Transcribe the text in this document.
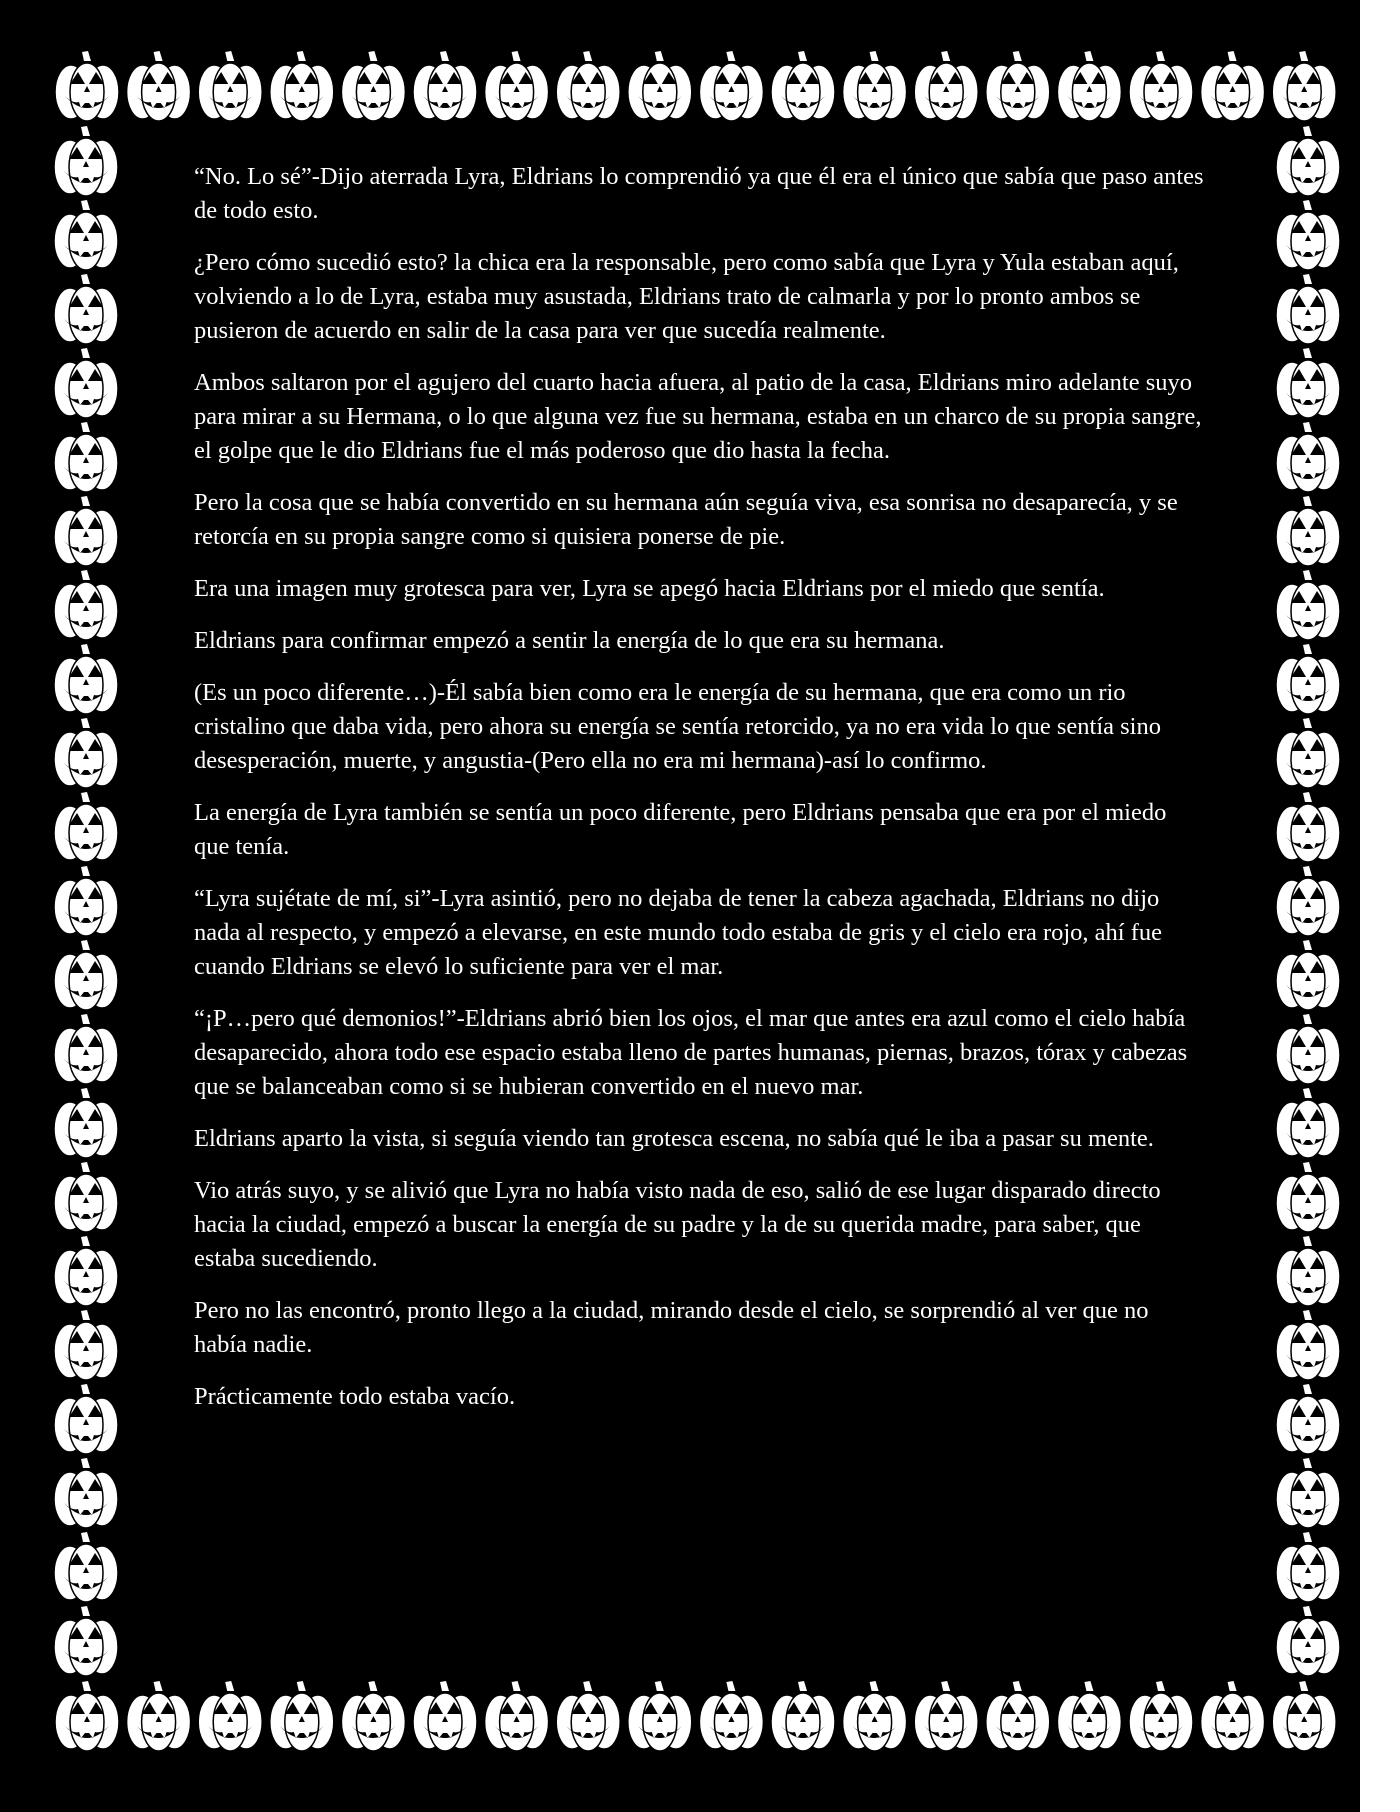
“No. Lo sé”-Dijo aterrada Lyra, Eldrians lo comprendió ya que él era el único que sabía que paso antes de todo esto.

¿Pero cómo sucedió esto? la chica era la responsable, pero como sabía que Lyra y Yula estaban aquí, volviendo a lo de Lyra, estaba muy asustada, Eldrians trato de calmarla y por lo pronto ambos se pusieron de acuerdo en salir de la casa para ver que sucedía realmente.

Ambos saltaron por el agujero del cuarto hacia afuera, al patio de la casa, Eldrians miro adelante suyo para mirar a su Hermana, o lo que alguna vez fue su hermana, estaba en un charco de su propia sangre, el golpe que le dio Eldrians fue el más poderoso que dio hasta la fecha.

Pero la cosa que se había convertido en su hermana aún seguía viva, esa sonrisa no desaparecía, y se retorcía en su propia sangre como si quisiera ponerse de pie.

Era una imagen muy grotesca para ver, Lyra se apegó hacia Eldrians por el miedo que sentía.

Eldrians para confirmar empezó a sentir la energía de lo que era su hermana.

(Es un poco diferente…)-Él sabía bien como era le energía de su hermana, que era como un rio cristalino que daba vida, pero ahora su energía se sentía retorcido, ya no era vida lo que sentía sino desesperación, muerte, y angustia-(Pero ella no era mi hermana)-así lo confirmo.

La energía de Lyra también se sentía un poco diferente, pero Eldrians pensaba que era por el miedo que tenía.

“Lyra sujétate de mí, si”-Lyra asintió, pero no dejaba de tener la cabeza agachada, Eldrians no dijo nada al respecto, y empezó a elevarse, en este mundo todo estaba de gris y el cielo era rojo, ahí fue cuando Eldrians se elevó lo suficiente para ver el mar.

“¡P…pero qué demonios!”-Eldrians abrió bien los ojos, el mar que antes era azul como el cielo había desaparecido, ahora todo ese espacio estaba lleno de partes humanas, piernas, brazos, tórax y cabezas que se balanceaban como si se hubieran convertido en el nuevo mar.

Eldrians aparto la vista, si seguía viendo tan grotesca escena, no sabía qué le iba a pasar su mente.

Vio atrás suyo, y se alivió que Lyra no había visto nada de eso, salió de ese lugar disparado directo hacia la ciudad, empezó a buscar la energía de su padre y la de su querida madre, para saber, que estaba sucediendo.

Pero no las encontró, pronto llego a la ciudad, mirando desde el cielo, se sorprendió al ver que no había nadie.

Prácticamente todo estaba vacío.
